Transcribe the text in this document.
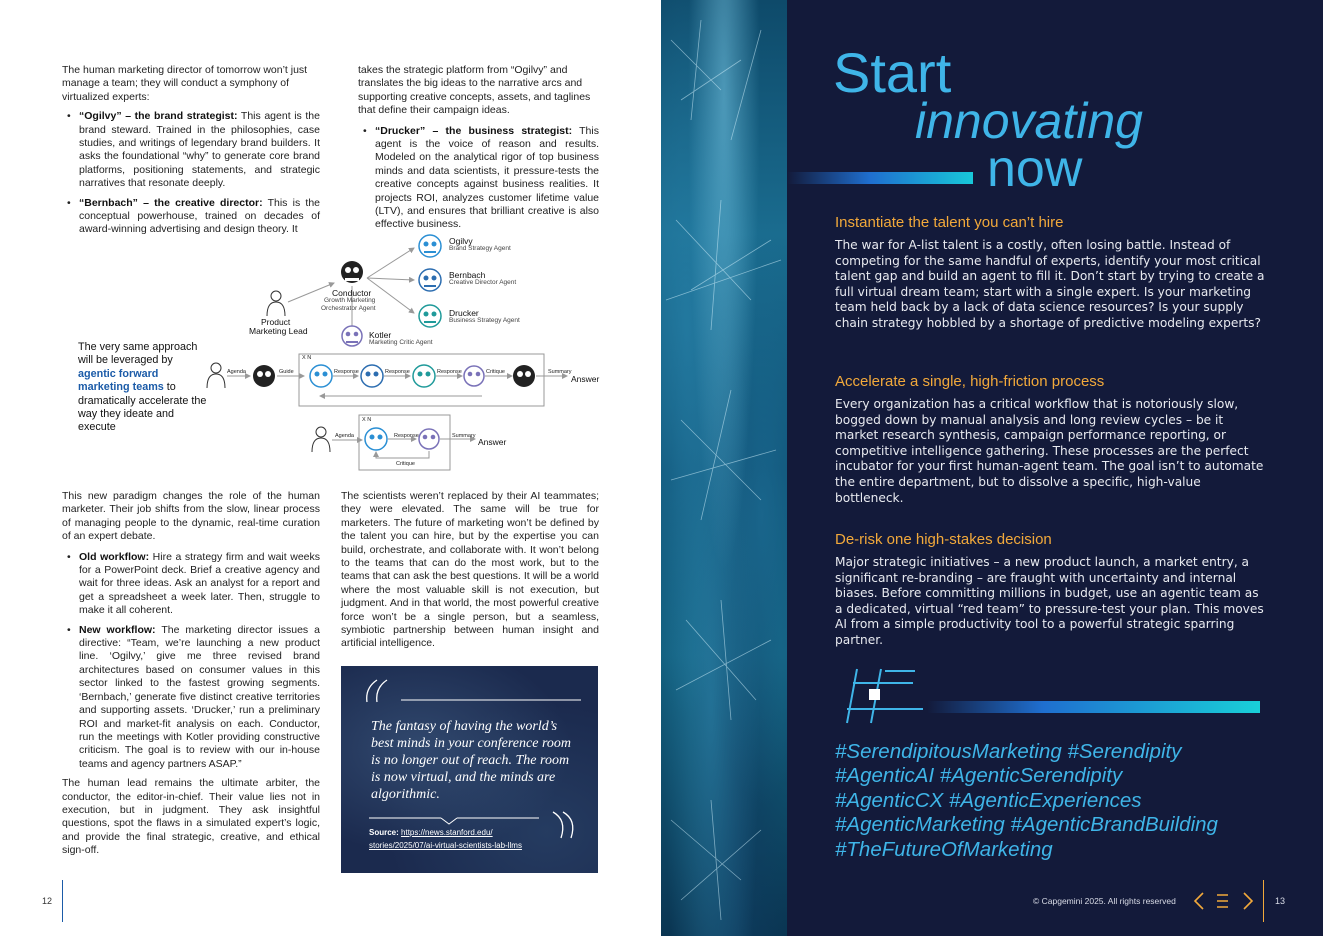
The human marketing director of tomorrow won’t just manage a team; they will conduct a symphony of virtualized experts:

• “Ogilvy” – the brand strategist: This agent is the brand steward. Trained in the philosophies, case studies, and writings of legendary brand builders. It asks the foundational “why” to generate core brand platforms, positioning statements, and strategic narratives that resonate deeply.
• “Bernbach” – the creative director: This is the conceptual powerhouse, trained on decades of award-winning advertising and design theory. It

takes the strategic platform from “Ogilvy” and translates the big ideas to the narrative arcs and supporting creative concepts, assets, and taglines that define their campaign ideas.

• “Drucker” – the business strategist: This agent is the voice of reason and results. Modeled on the analytical rigor of top business minds and data scientists, it pressure-tests the creative concepts against business realities. It projects ROI, analyzes customer lifetime value (LTV), and ensures that brilliant creative is also effective business.
The very same approach will be leveraged by agentic forward marketing teams to dramatically accelerate the way they ideate and execute
Product
Marketing Lead
Conductor
Growth Marketing
Orchestrator Agent
Ogilvy
Brand Strategy Agent
Bernbach
Creative Director Agent
Drucker
Business Strategy Agent
Kotler
Marketing Critic Agent
X N
Agenda	Guide	Response	Response	Response	Critique	Summary
Answer
X N
Agenda	Response	Summary
Answer
Critique

This new paradigm changes the role of the human marketer. Their job shifts from the slow, linear process of managing people to the dynamic, real-time curation of an expert debate.

• Old workflow: Hire a strategy firm and wait weeks for a PowerPoint deck. Brief a creative agency and wait for three ideas. Ask an analyst for a report and get a spreadsheet a week later. Then, struggle to make it all coherent.
• New workflow: The marketing director issues a directive: “Team, we’re launching a new product line. ‘Ogilvy,’ give me three revised brand architectures based on consumer values in this sector linked to the fastest growing segments. ‘Bernbach,’ generate five distinct creative territories and supporting assets. ‘Drucker,’ run a preliminary ROI and market-fit analysis on each. Conductor, run the meetings with Kotler providing constructive criticism. The goal is to review with our in-house teams and agency partners ASAP.”

The human lead remains the ultimate arbiter, the conductor, the editor-in-chief. Their value lies not in execution, but in judgment. They ask insightful questions, spot the flaws in a simulated expert’s logic, and provide the final strategic, creative, and ethical sign-off.

The scientists weren’t replaced by their AI teammates; they were elevated. The same will be true for marketers. The future of marketing won’t be defined by the talent you can hire, but by the expertise you can build, orchestrate, and collaborate with. It won’t belong to the teams that can do the most work, but to the teams that can ask the best questions. It will be a world where the most valuable skill is not execution, but judgment. And in that world, the most powerful creative force won’t be a single person, but a seamless, symbiotic partnership between human insight and artificial intelligence.

The fantasy of having the world’s best minds in your conference room is no longer out of reach. The room is now virtual, and the minds are algorithmic.
Source: https://news.stanford.edu/
stories/2025/07/ai-virtual-scientists-lab-llms
12
Start
innovating
now
Instantiate the talent you can’t hire
The war for A-list talent is a costly, often losing battle. Instead of competing for the same handful of experts, identify your most critical talent gap and build an agent to fill it. Don’t start by trying to create a full virtual dream team; start with a single expert. Is your marketing team held back by a lack of data science resources? Is your supply chain strategy hobbled by a shortage of predictive modeling experts?
Accelerate a single, high-friction process
Every organization has a critical workflow that is notoriously slow, bogged down by manual analysis and long review cycles – be it market research synthesis, campaign performance reporting, or competitive intelligence gathering. These processes are the perfect incubator for your first human-agent team. The goal isn’t to automate the entire department, but to dissolve a specific, high-value bottleneck.
De-risk one high-stakes decision
Major strategic initiatives – a new product launch, a market entry, a significant re-branding – are fraught with uncertainty and internal biases. Before committing millions in budget, use an agentic team as a dedicated, virtual “red team” to pressure-test your plan. This moves AI from a simple productivity tool to a powerful strategic sparring partner.
#SerendipitousMarketing #Serendipity
#AgenticAI #AgenticSerendipity
#AgenticCX #AgenticExperiences
#AgenticMarketing #AgenticBrandBuilding
#TheFutureOfMarketing
© Capgemini 2025. All rights reserved	13
